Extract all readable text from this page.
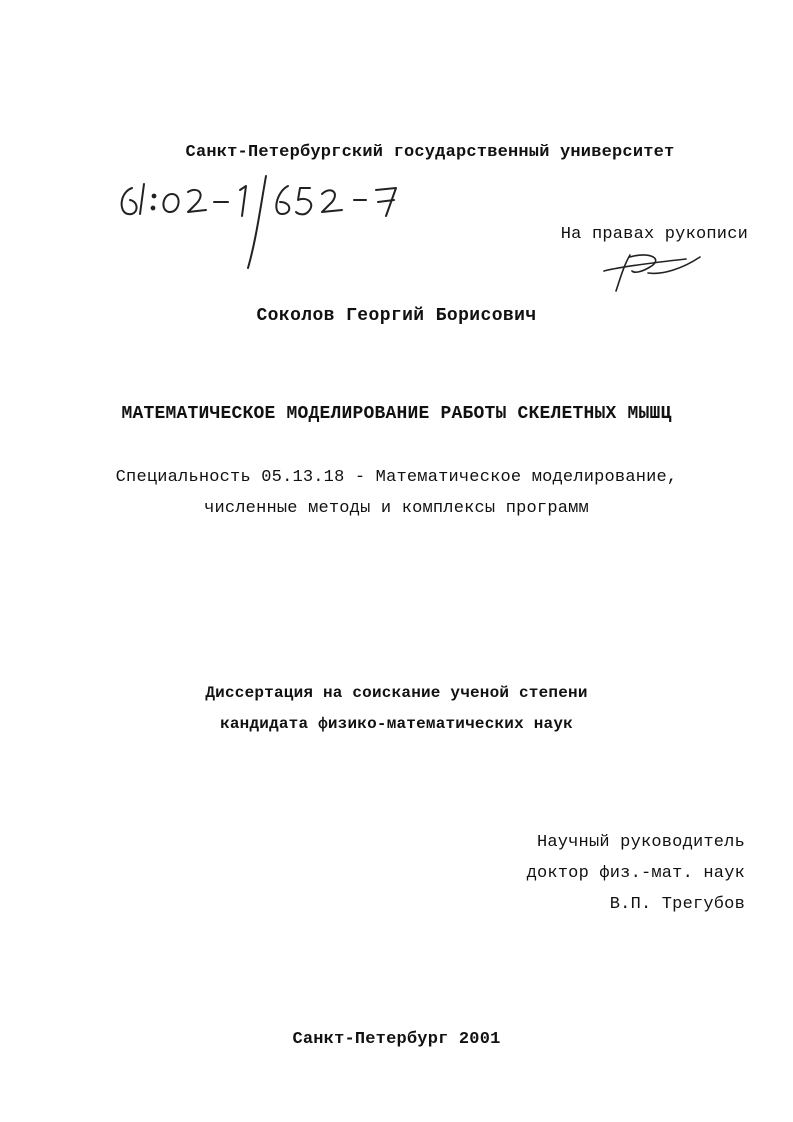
Санкт-Петербургский государственный университет
На правах рукописи
Соколов Георгий Борисович
МАТЕМАТИЧЕСКОЕ МОДЕЛИРОВАНИЕ РАБОТЫ СКЕЛЕТНЫХ МЫШЦ
Специальность 05.13.18 - Математическое моделирование,
численные методы и комплексы программ
Диссертация на соискание ученой степени
кандидата физико-математических наук
Научный руководитель
доктор физ.-мат. наук
В.П. Трегубов
Санкт-Петербург 2001
